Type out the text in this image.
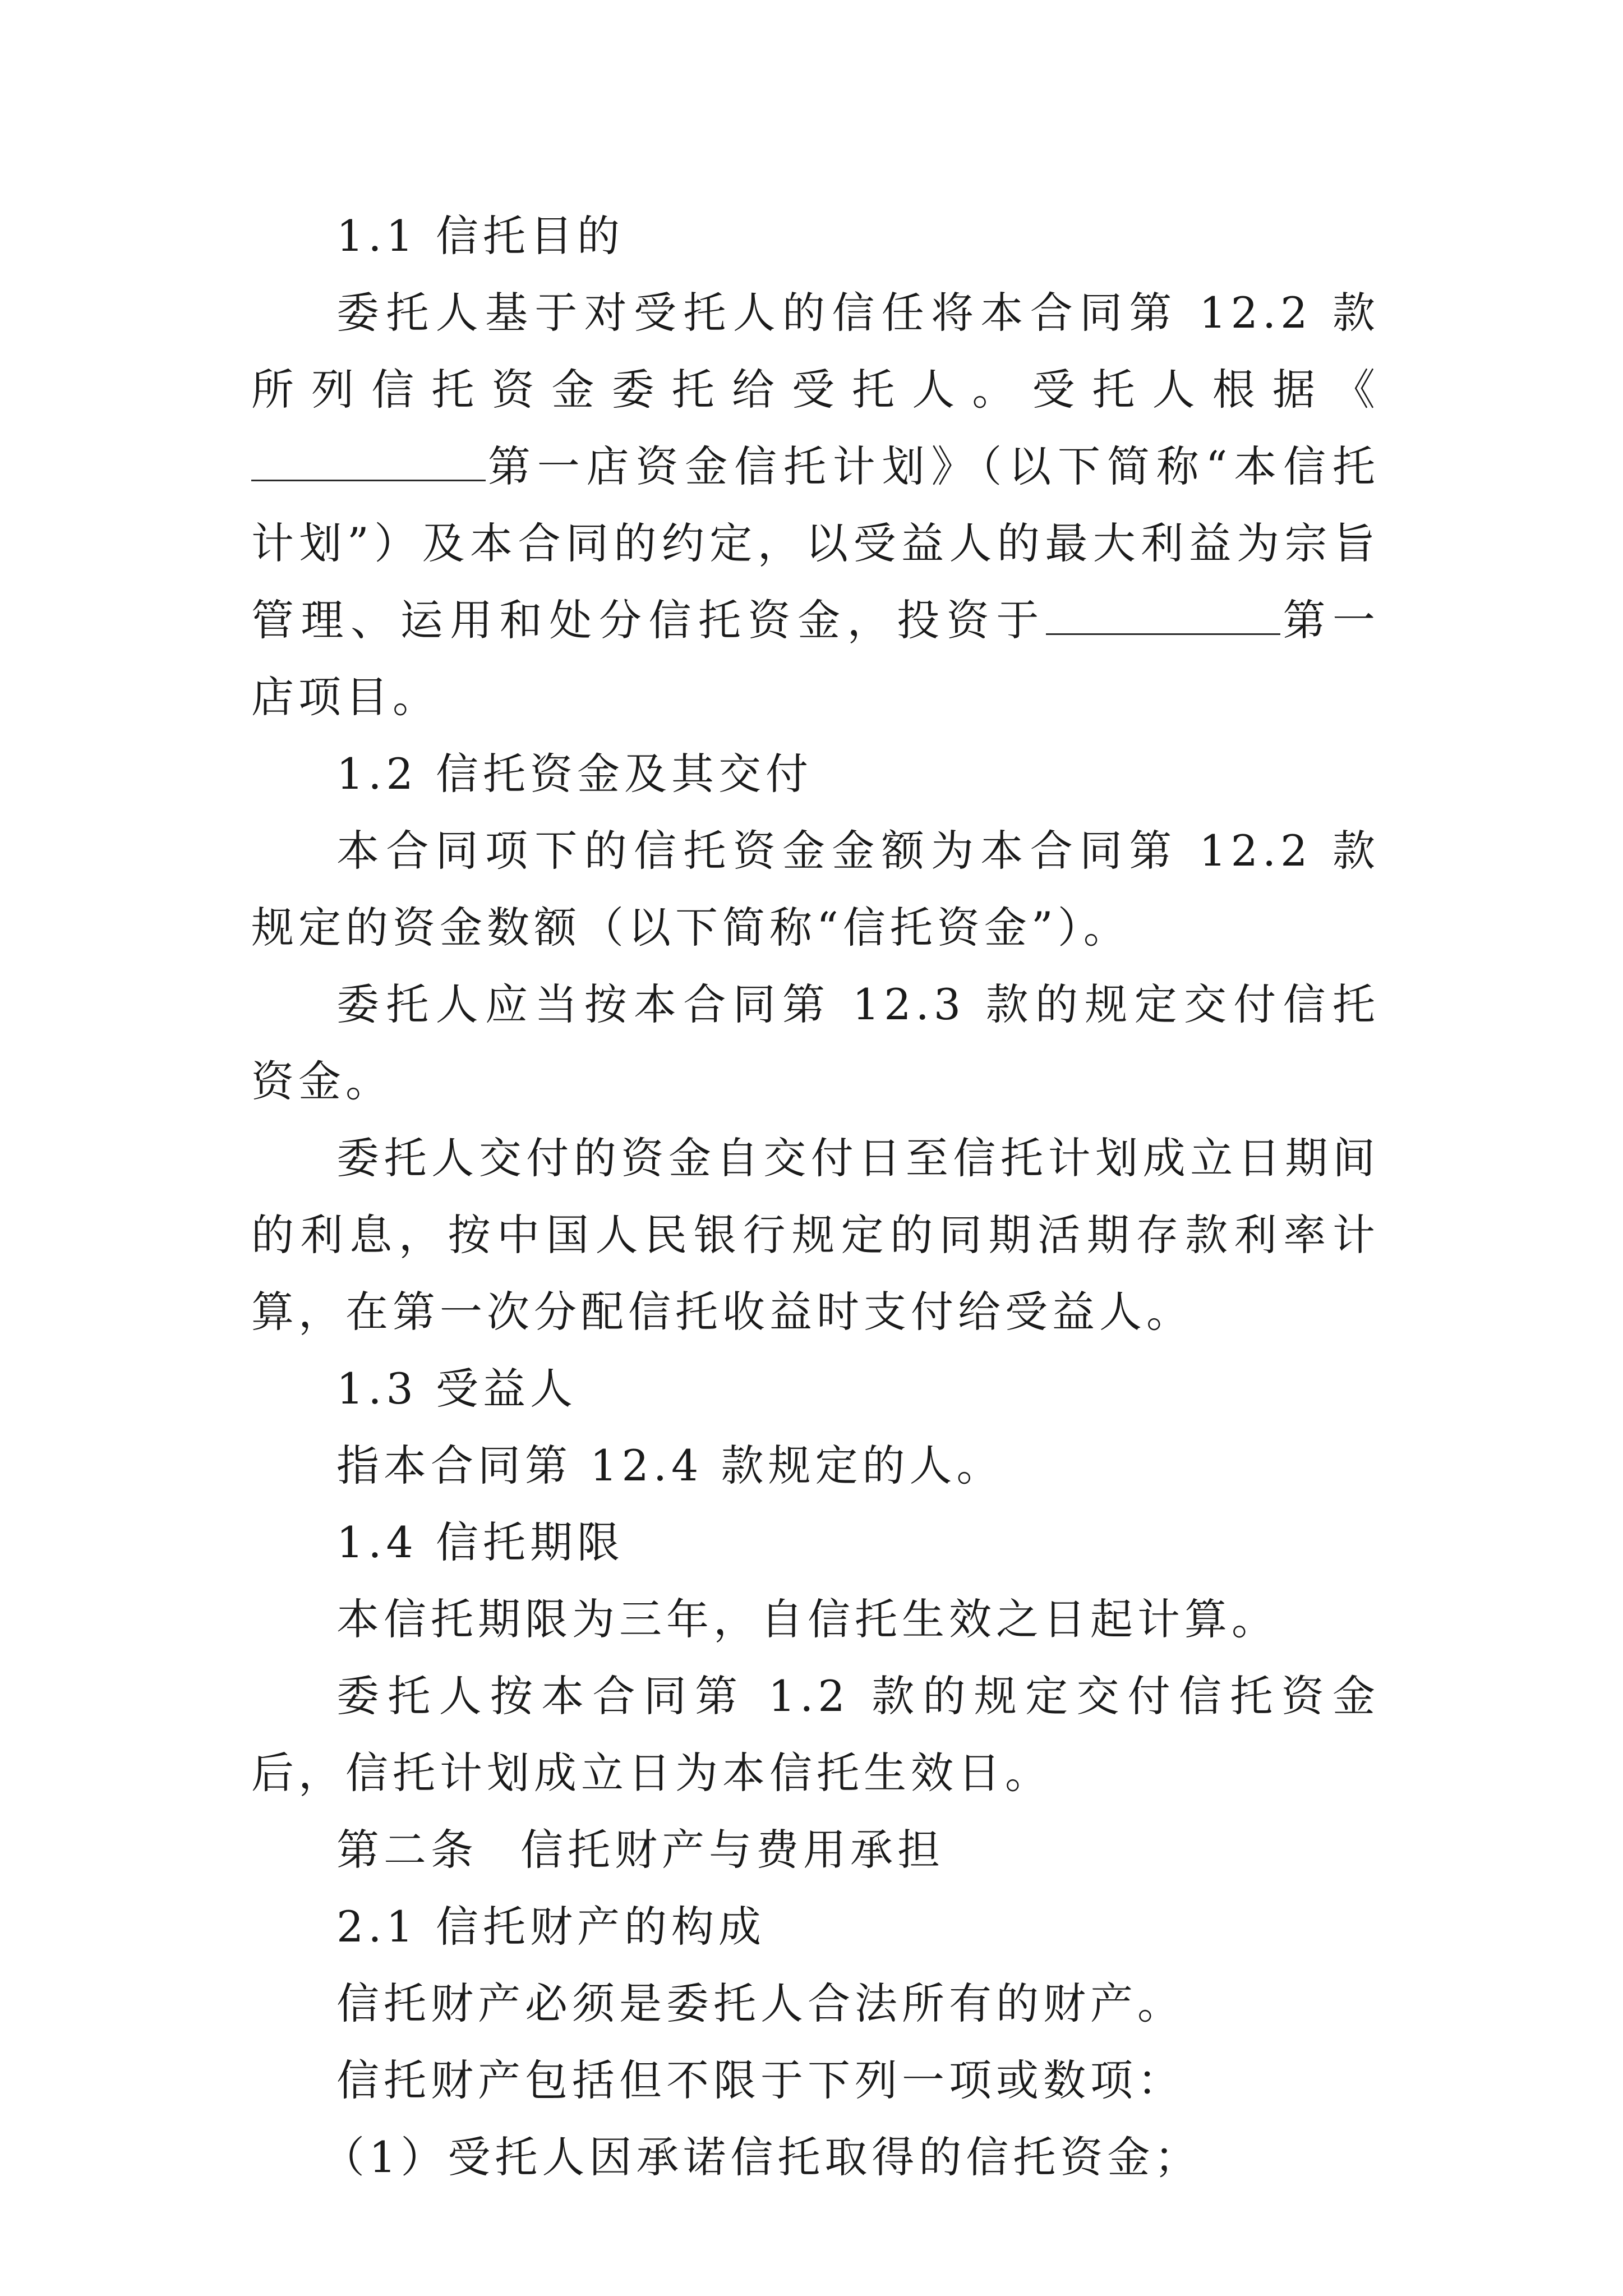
1.1 信托目的

委托人基于对受托人的信任将本合同第 12.2 款所列信托资金委托给受托人。受托人根据《第一店资金信托计划》（以下简称“本信托计划”）及本合同的约定，以受益人的最大利益为宗旨管理、运用和处分信托资金，投资于	第一店项目。

1.2 信托资金及其交付

本合同项下的信托资金金额为本合同第 12.2 款规定的资金数额（以下简称“信托资金”）。

委托人应当按本合同第 12.3 款的规定交付信托资金。

委托人交付的资金自交付日至信托计划成立日期间的利息，按中国人民银行规定的同期活期存款利率计算，在第一次分配信托收益时支付给受益人。

1.3 受益人

指本合同第 12.4 款规定的人。

1.4 信托期限

本信托期限为三年，自信托生效之日起计算。

委托人按本合同第 1.2 款的规定交付信托资金后，信托计划成立日为本信托生效日。

第二条 信托财产与费用承担

2.1 信托财产的构成

信托财产必须是委托人合法所有的财产。

信托财产包括但不限于下列一项或数项：

（1）受托人因承诺信托取得的信托资金；
